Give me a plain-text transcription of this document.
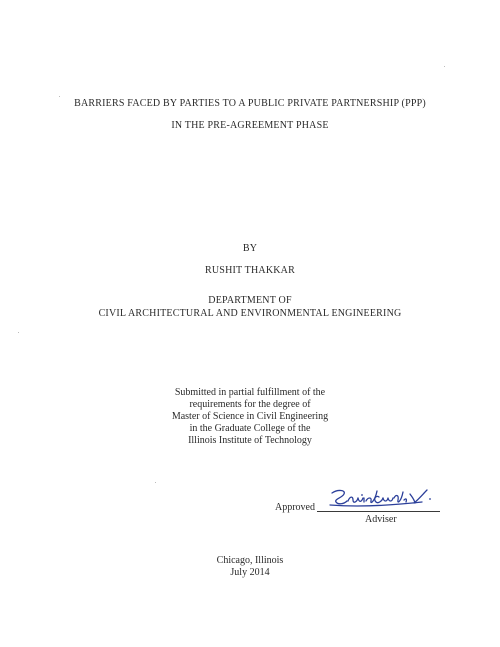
BARRIERS FACED BY PARTIES TO A PUBLIC PRIVATE PARTNERSHIP (PPP)
IN THE PRE-AGREEMENT PHASE
BY
RUSHIT THAKKAR
DEPARTMENT OF
CIVIL ARCHITECTURAL AND ENVIRONMENTAL ENGINEERING
Submitted in partial fulfillment of the
requirements for the degree of
Master of Science in Civil Engineering
in the Graduate College of the
Illinois Institute of Technology
Approved
Adviser
Chicago, Illinois
July 2014
